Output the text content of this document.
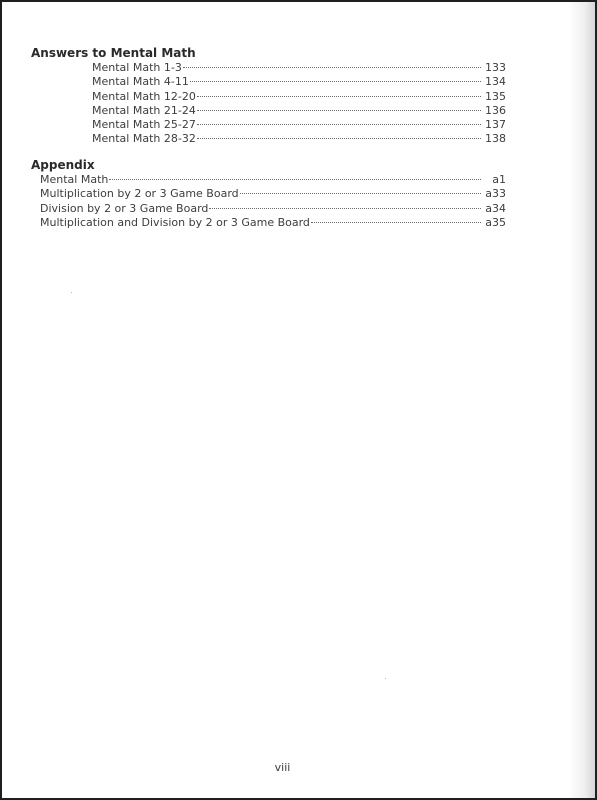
Answers to Mental Math
Mental Math 1-3	133
Mental Math 4-11	134
Mental Math 12-20	135
Mental Math 21-24	136
Mental Math 25-27	137
Mental Math 28-32	138
Appendix
Mental Math	a1
Multiplication by 2 or 3 Game Board	a33
Division by 2 or 3 Game Board	a34
Multiplication and Division by 2 or 3 Game Board	a35
viii
